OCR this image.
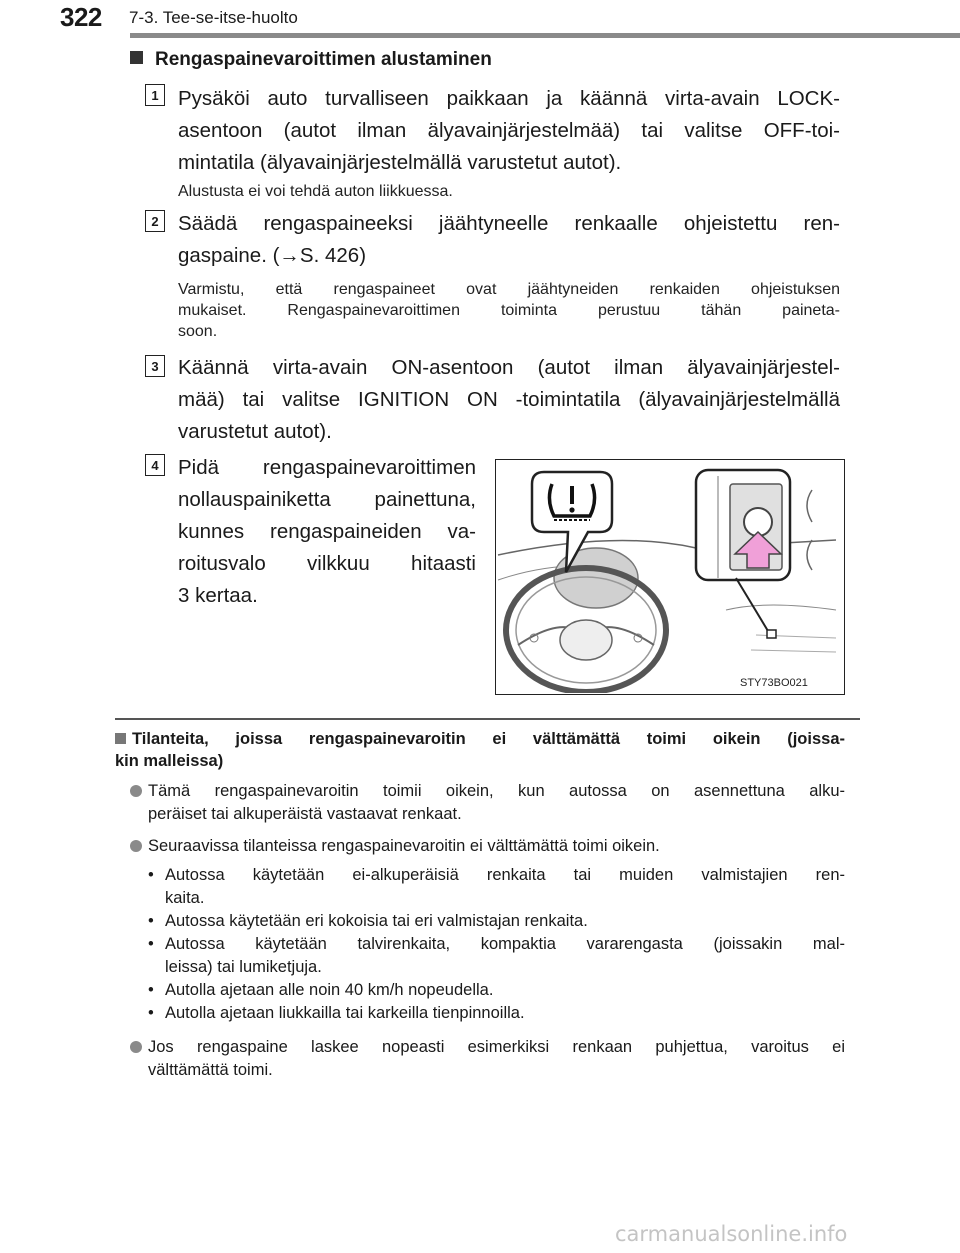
322 7-3. Tee-se-itse-huolto
Rengaspainevaroittimen alustaminen
1 Pysäköi auto turvalliseen paikkaan ja käännä virta-avain LOCK-
asentoon (autot ilman älyavainjärjestelmää) tai valitse OFF-toi-
mintatila (älyavainjärjestelmällä varustetut autot).
Alustusta ei voi tehdä auton liikkuessa.
2 Säädä rengaspaineeksi jäähtyneelle renkaalle ohjeistettu ren-
gaspaine. (→S. 426)
Varmistu, että rengaspaineet ovat jäähtyneiden renkaiden ohjeistuksen
mukaiset. Rengaspainevaroittimen toiminta perustuu tähän paineta-
soon.
3 Käännä virta-avain ON-asentoon (autot ilman älyavainjärjestel-
mää) tai valitse IGNITION ON -toimintatila (älyavainjärjestelmällä
varustetut autot).
4 Pidä rengaspainevaroittimen
nollauspainiketta painettuna,
kunnes rengaspaineiden va-
roitusvalo vilkkuu hitaasti
3 kertaa.
STY73BO021
Tilanteita, joissa rengaspainevaroitin ei välttämättä toimi oikein (joissa-
kin malleissa)
Tämä rengaspainevaroitin toimii oikein, kun autossa on asennettuna alku-
peräiset tai alkuperäistä vastaavat renkaat.
Seuraavissa tilanteissa rengaspainevaroitin ei välttämättä toimi oikein.
• Autossa käytetään ei-alkuperäisiä renkaita tai muiden valmistajien ren-
kaita.
• Autossa käytetään eri kokoisia tai eri valmistajan renkaita.
• Autossa käytetään talvirenkaita, kompaktia vararengasta (joissakin mal-
leissa) tai lumiketjuja.
• Autolla ajetaan alle noin 40 km/h nopeudella.
• Autolla ajetaan liukkailla tai karkeilla tienpinnoilla.
Jos rengaspaine laskee nopeasti esimerkiksi renkaan puhjettua, varoitus ei
välttämättä toimi.
carmanualsonline.info
